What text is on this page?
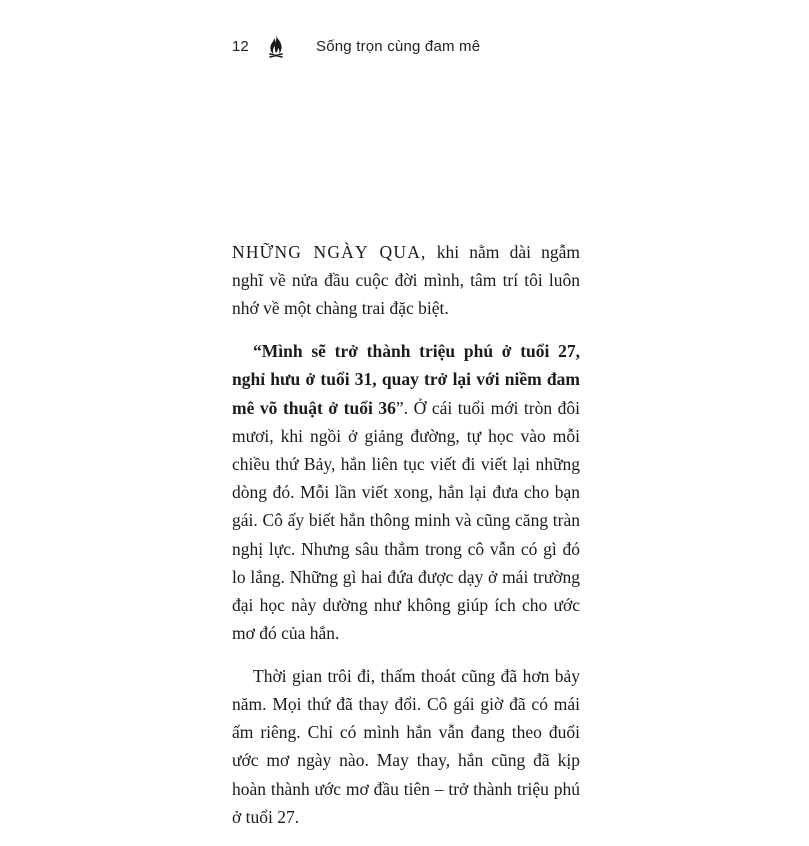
12	Sống trọn cùng đam mê

NHỮNG NGÀY QUA, khi nằm dài ngẫm nghĩ về nửa đầu cuộc đời mình, tâm trí tôi luôn nhớ về một chàng trai đặc biệt.

“Mình sẽ trở thành triệu phú ở tuổi 27, nghỉ hưu ở tuổi 31, quay trở lại với niềm đam mê võ thuật ở tuổi 36”. Ở cái tuổi mới tròn đôi mươi, khi ngồi ở giảng đường, tự học vào mỗi chiều thứ Bảy, hắn liên tục viết đi viết lại những dòng đó. Mỗi lần viết xong, hắn lại đưa cho bạn gái. Cô ấy biết hắn thông minh và cũng căng tràn nghị lực. Nhưng sâu thẳm trong cô vẫn có gì đó lo lắng. Những gì hai đứa được dạy ở mái trường đại học này dường như không giúp ích cho ước mơ đó của hắn.

Thời gian trôi đi, thấm thoát cũng đã hơn bảy năm. Mọi thứ đã thay đổi. Cô gái giờ đã có mái ấm riêng. Chỉ có mình hắn vẫn đang theo đuổi ước mơ ngày nào. May thay, hắn cũng đã kịp hoàn thành ước mơ đầu tiên – trở thành triệu phú ở tuổi 27.
